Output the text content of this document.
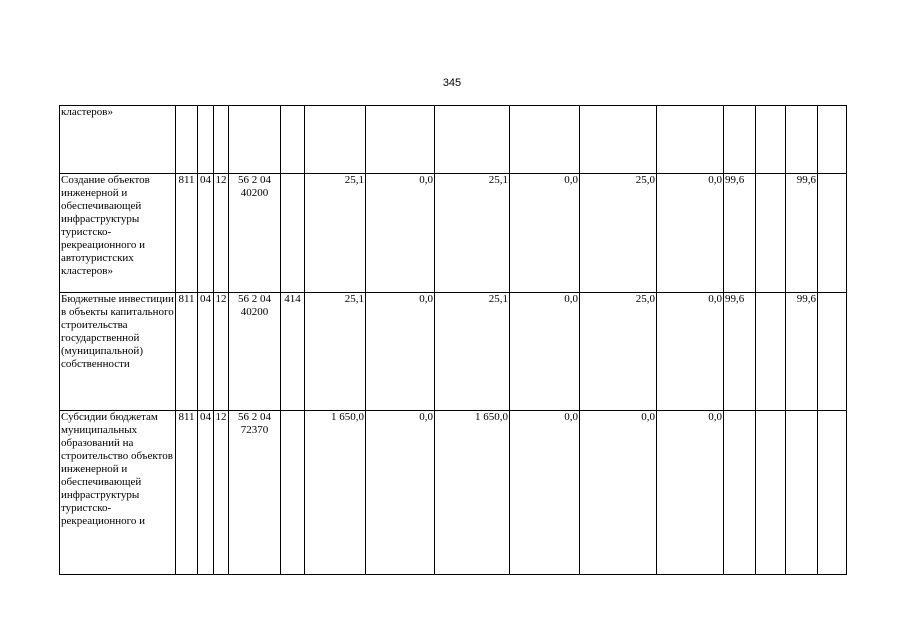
345
кластеров»															
Создание объектов инженерной и обеспечивающей инфраструктуры туристско-рекреационного и автотуристских кластеров»	811	04	12	56 2 04 40200		25,1	0,0	25,1	0,0	25,0	0,0	99,6		99,6	
Бюджетные инвестиции в объекты капитального строительства государственной (муниципальной) собственности	811	04	12	56 2 04 40200	414	25,1	0,0	25,1	0,0	25,0	0,0	99,6		99,6	
Субсидии бюджетам муниципальных образований на строительство объектов инженерной и обеспечивающей инфраструктуры туристско-рекреационного и	811	04	12	56 2 04 72370		1 650,0	0,0	1 650,0	0,0	0,0	0,0				
